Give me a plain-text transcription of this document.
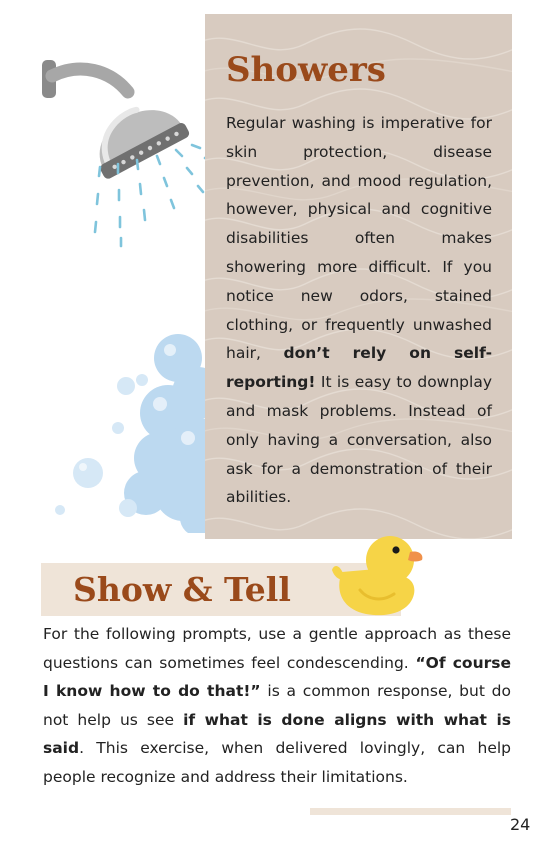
Showers

Regular washing is imperative for skin protection, disease prevention, and mood regulation, however, physical and cognitive disabilities often makes showering more difficult. If you notice new odors, stained clothing, or frequently unwashed hair, don’t rely on self-reporting! It is easy to downplay and mask problems. Instead of only having a conversation, also ask for a demonstration of their abilities.

Show & Tell

For the following prompts, use a gentle approach as these questions can sometimes feel condescending. “Of course I know how to do that!” is a common response, but do not help us see if what is done aligns with what is said. This exercise, when delivered lovingly, can help people recognize and address their limitations.

24
